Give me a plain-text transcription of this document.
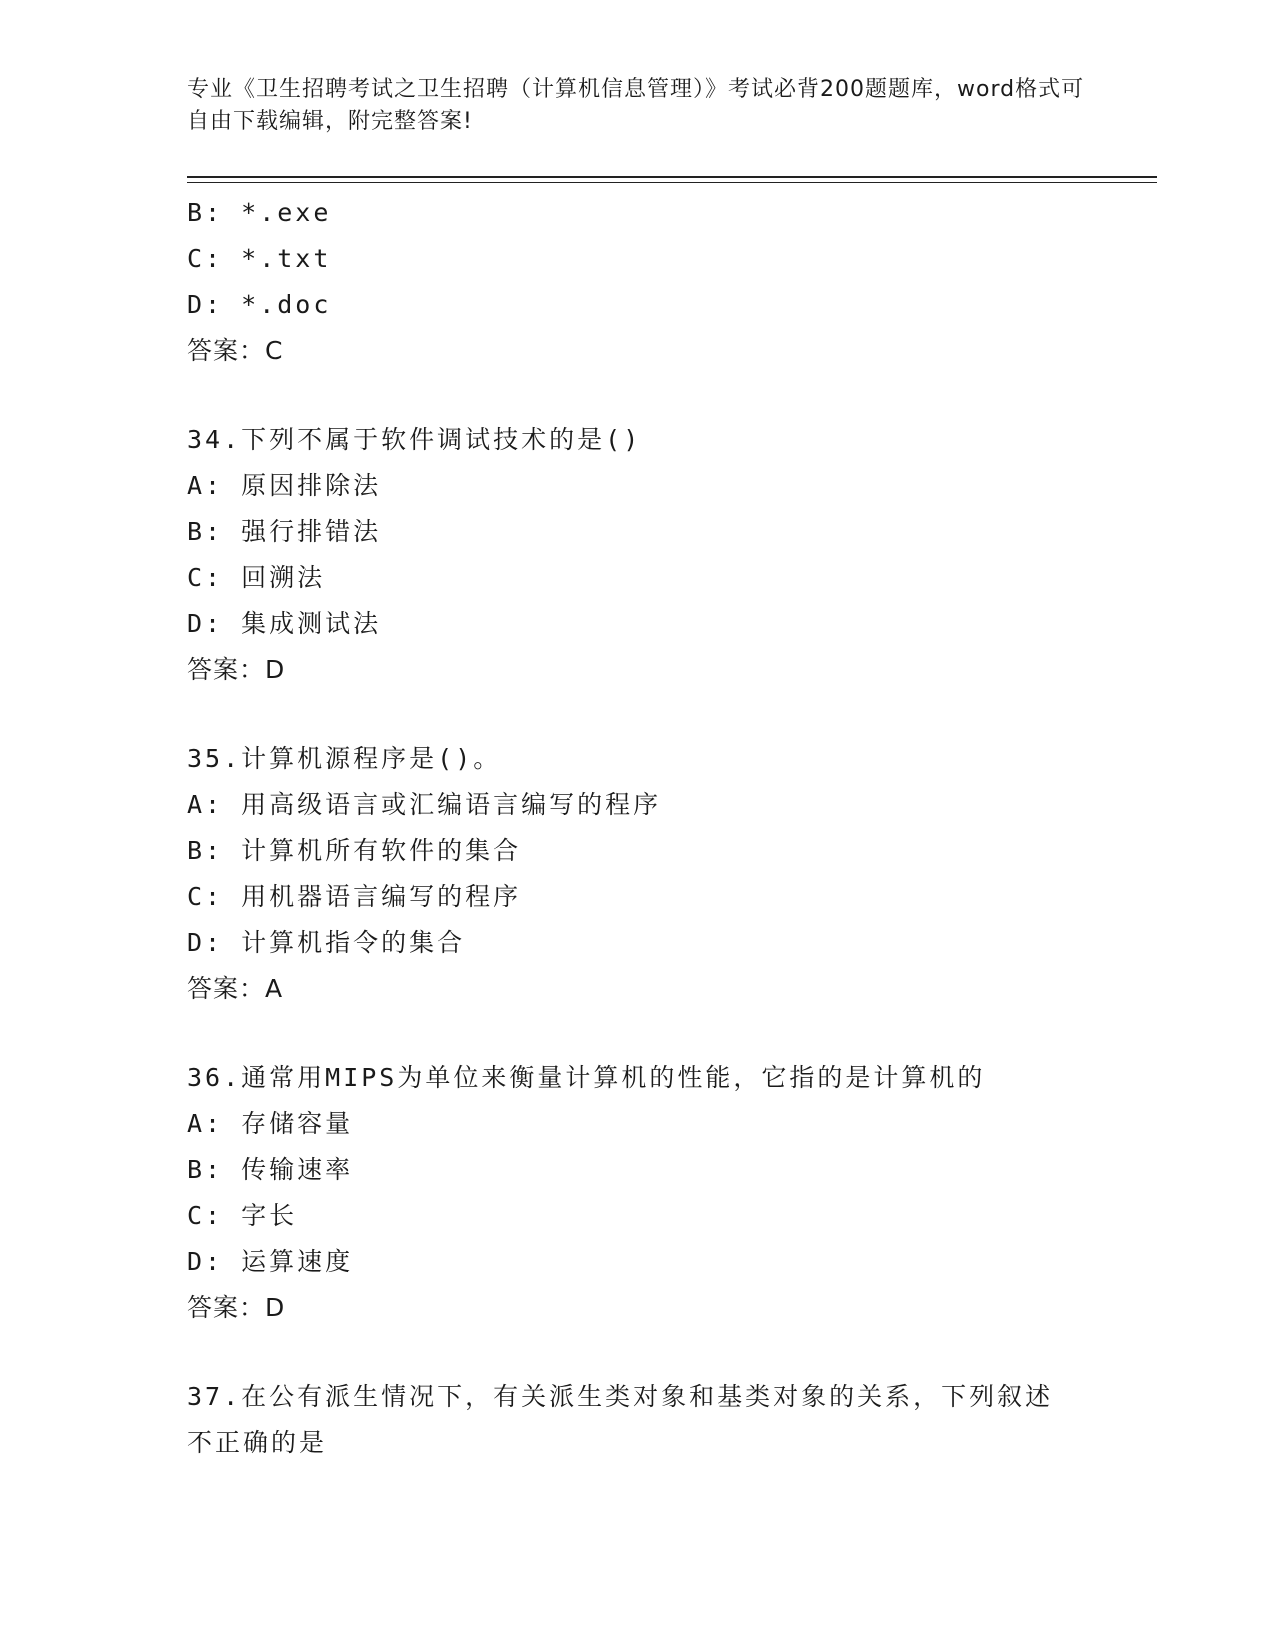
专业《卫生招聘考试之卫生招聘（计算机信息管理）》考试必背200题题库，word格式可自由下载编辑，附完整答案!
B: *.exe
C: *.txt
D: *.doc
答案：C
34.下列不属于软件调试技术的是()
A: 原因排除法
B: 强行排错法
C: 回溯法
D: 集成测试法
答案：D
35.计算机源程序是()。
A: 用高级语言或汇编语言编写的程序
B: 计算机所有软件的集合
C: 用机器语言编写的程序
D: 计算机指令的集合
答案：A
36.通常用MIPS为单位来衡量计算机的性能，它指的是计算机的
A: 存储容量
B: 传输速率
C: 字长
D: 运算速度
答案：D
37.在公有派生情况下，有关派生类对象和基类对象的关系，下列叙述不正确的是
